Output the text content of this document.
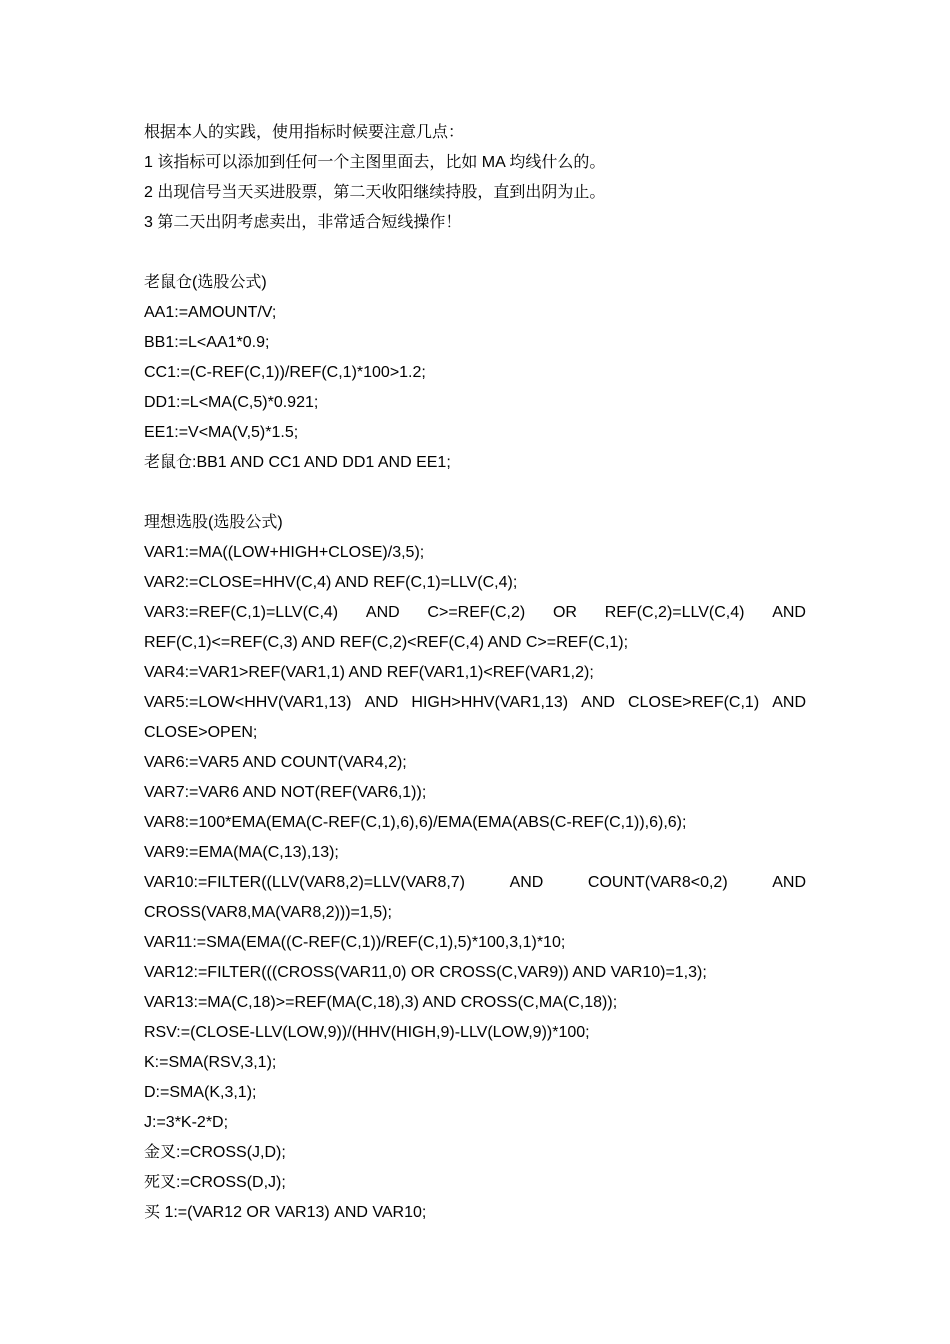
根据本人的实践，使用指标时候要注意几点：
1 该指标可以添加到任何一个主图里面去，比如 MA 均线什么的。
2 出现信号当天买进股票，第二天收阳继续持股，直到出阴为止。
3 第二天出阴考虑卖出，非常适合短线操作！
老鼠仓(选股公式)
AA1:=AMOUNT/V;
BB1:=L<AA1*0.9;
CC1:=(C-REF(C,1))/REF(C,1)*100>1.2;
DD1:=L<MA(C,5)*0.921;
EE1:=V<MA(V,5)*1.5;
老鼠仓:BB1 AND CC1 AND DD1 AND EE1;
理想选股(选股公式)
VAR1:=MA((LOW+HIGH+CLOSE)/3,5);
VAR2:=CLOSE=HHV(C,4) AND REF(C,1)=LLV(C,4);
VAR3:=REF(C,1)=LLV(C,4) AND C>=REF(C,2) OR REF(C,2)=LLV(C,4) AND
REF(C,1)<=REF(C,3) AND REF(C,2)<REF(C,4) AND C>=REF(C,1);
VAR4:=VAR1>REF(VAR1,1) AND REF(VAR1,1)<REF(VAR1,2);
VAR5:=LOW<HHV(VAR1,13) AND HIGH>HHV(VAR1,13) AND CLOSE>REF(C,1) AND
CLOSE>OPEN;
VAR6:=VAR5 AND COUNT(VAR4,2);
VAR7:=VAR6 AND NOT(REF(VAR6,1));
VAR8:=100*EMA(EMA(C-REF(C,1),6),6)/EMA(EMA(ABS(C-REF(C,1)),6),6);
VAR9:=EMA(MA(C,13),13);
VAR10:=FILTER((LLV(VAR8,2)=LLV(VAR8,7)	AND	COUNT(VAR8<0,2)	AND
CROSS(VAR8,MA(VAR8,2)))=1,5);
VAR11:=SMA(EMA((C-REF(C,1))/REF(C,1),5)*100,3,1)*10;
VAR12:=FILTER(((CROSS(VAR11,0) OR CROSS(C,VAR9)) AND VAR10)=1,3);
VAR13:=MA(C,18)>=REF(MA(C,18),3) AND CROSS(C,MA(C,18));
RSV:=(CLOSE-LLV(LOW,9))/(HHV(HIGH,9)-LLV(LOW,9))*100;
K:=SMA(RSV,3,1);
D:=SMA(K,3,1);
J:=3*K-2*D;
金叉:=CROSS(J,D);
死叉:=CROSS(D,J);
买 1:=(VAR12 OR VAR13) AND VAR10;
